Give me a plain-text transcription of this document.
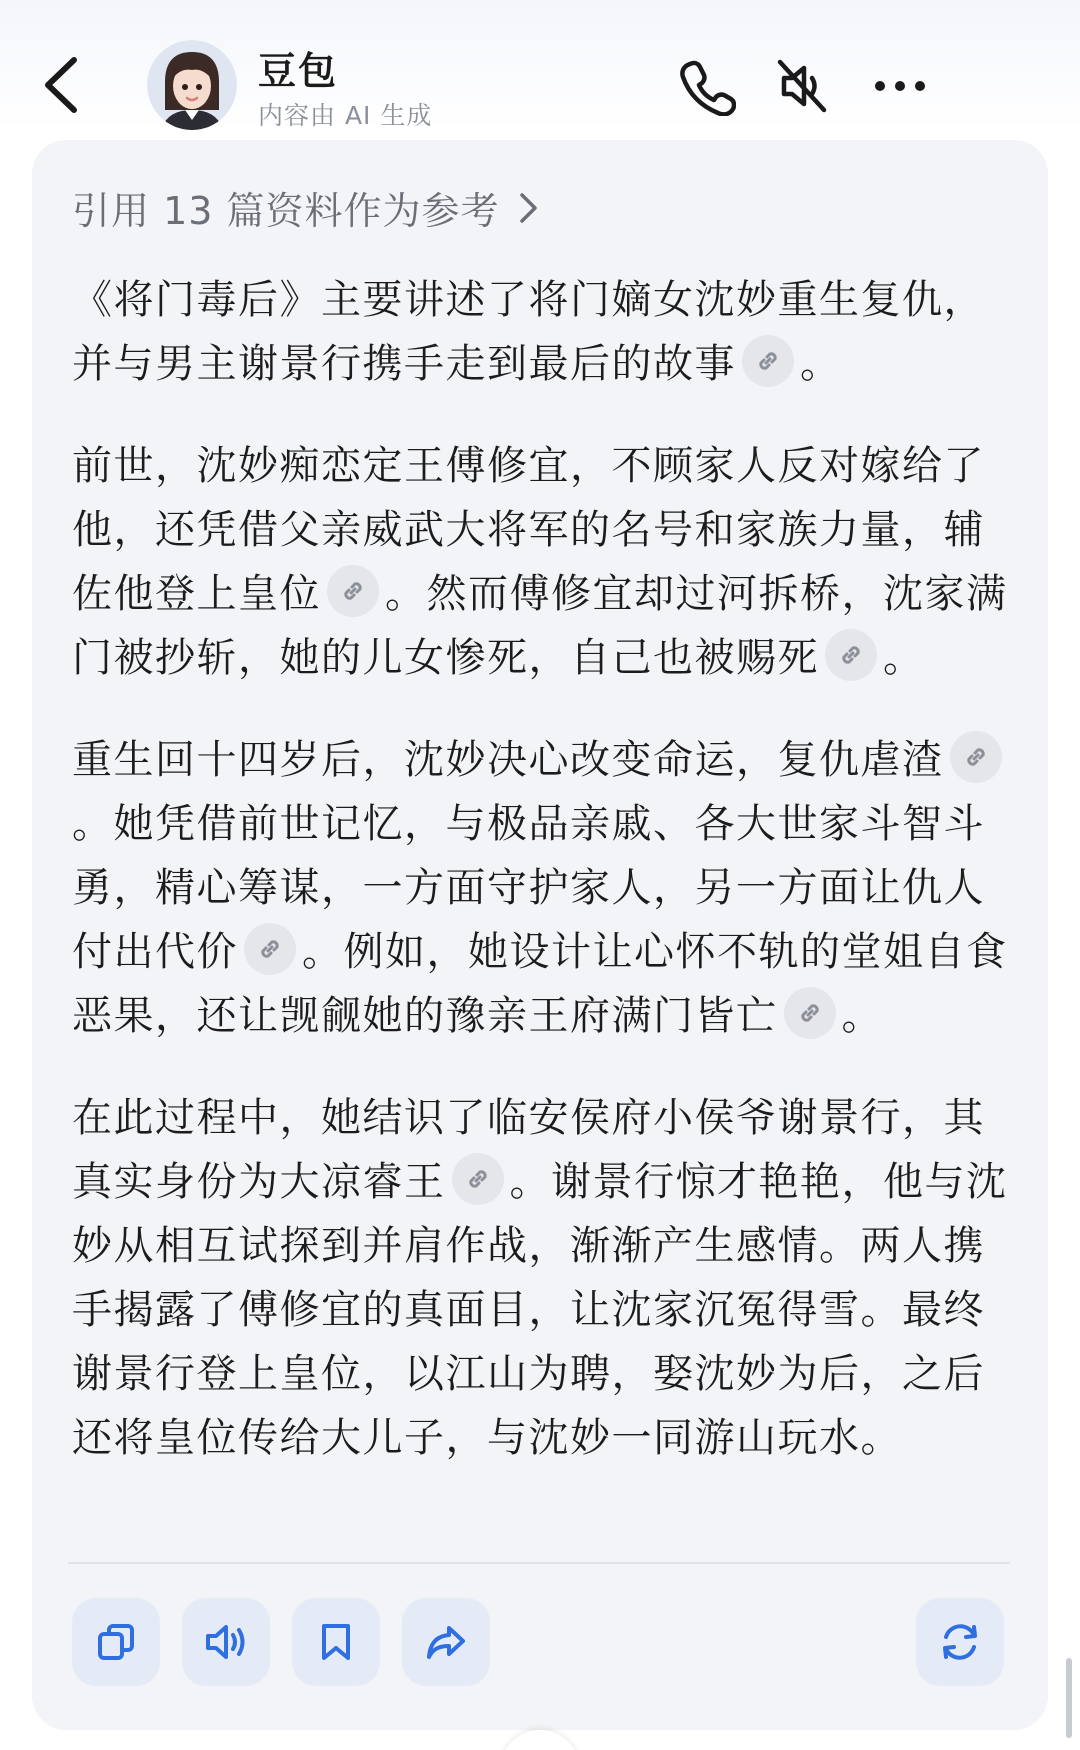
豆包
内容由 AI 生成
引用 13 篇资料作为参考

《将门毒后》主要讲述了将门嫡女沈妙重生复仇，并与男主谢景行携手走到最后的故事 。

前世，沈妙痴恋定王傅修宜，不顾家人反对嫁给了他，还凭借父亲威武大将军的名号和家族力量，辅佐他登上皇位 。然而傅修宜却过河拆桥，沈家满门被抄斩，她的儿女惨死，自己也被赐死 。

重生回十四岁后，沈妙决心改变命运，复仇虐渣
。她凭借前世记忆，与极品亲戚、各大世家斗智斗勇，精心筹谋，一方面守护家人，另一方面让仇人付出代价 。例如，她设计让心怀不轨的堂姐自食恶果，还让觊觎她的豫亲王府满门皆亡 。

在此过程中，她结识了临安侯府小侯爷谢景行，其真实身份为大凉睿王 。谢景行惊才艳艳，他与沈妙从相互试探到并肩作战，渐渐产生感情。两人携手揭露了傅修宜的真面目，让沈家沉冤得雪。最终谢景行登上皇位，以江山为聘，娶沈妙为后，之后还将皇位传给大儿子，与沈妙一同游山玩水。
